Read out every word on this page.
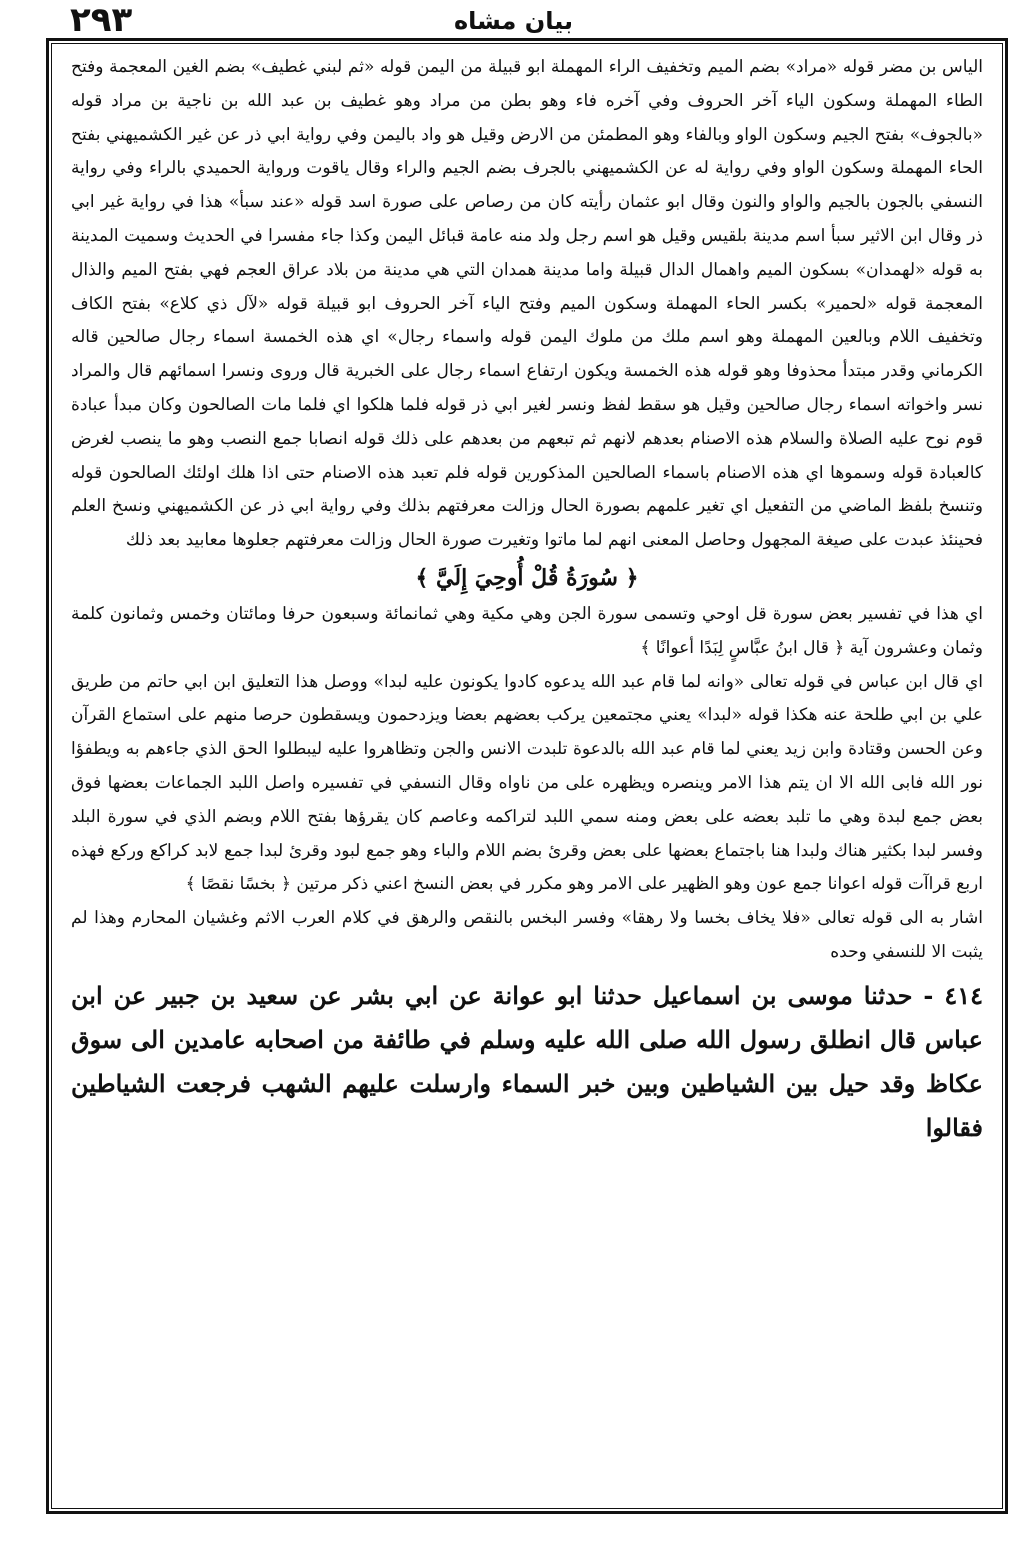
٢٩٣	بيان مشاه

الياس بن مضر قوله «مراد» بضم الميم وتخفيف الراء المهملة ابو قبيلة من اليمن قوله «ثم لبني غطيف» بضم الغين المعجمة وفتح الطاء المهملة وسكون الياء آخر الحروف وفي آخره فاء وهو بطن من مراد وهو غطيف بن عبد الله بن ناجية بن مراد قوله «بالجوف» بفتح الجيم وسكون الواو وبالفاء وهو المطمئن من الارض وقيل هو واد باليمن وفي رواية ابي ذر عن غير الكشميهني بفتح الحاء المهملة وسكون الواو وفي رواية له عن الكشميهني بالجرف بضم الجيم والراء وقال ياقوت ورواية الحميدي بالراء وفي رواية النسفي بالجون بالجيم والواو والنون وقال ابو عثمان رأيته كان من رصاص على صورة اسد قوله «عند سبأ» هذا في رواية غير ابي ذر وقال ابن الاثير سبأ اسم مدينة بلقيس وقيل هو اسم رجل ولد منه عامة قبائل اليمن وكذا جاء مفسرا في الحديث وسميت المدينة به قوله «لهمدان» بسكون الميم واهمال الدال قبيلة واما مدينة همدان التي هي مدينة من بلاد عراق العجم فهي بفتح الميم والذال المعجمة قوله «لحمير» بكسر الحاء المهملة وسكون الميم وفتح الياء آخر الحروف ابو قبيلة قوله «لآل ذي كلاع» بفتح الكاف وتخفيف اللام وبالعين المهملة وهو اسم ملك من ملوك اليمن قوله واسماء رجال» اي هذه الخمسة اسماء رجال صالحين قاله الكرماني وقدر مبتدأ محذوفا وهو قوله هذه الخمسة ويكون ارتفاع اسماء رجال على الخبرية قال وروى ونسرا اسمائهم قال والمراد نسر واخواته اسماء رجال صالحين وقيل هو سقط لفظ ونسر لغير ابي ذر قوله فلما هلكوا اي فلما مات الصالحون وكان مبدأ عبادة قوم نوح عليه الصلاة والسلام هذه الاصنام بعدهم لانهم ثم تبعهم من بعدهم على ذلك قوله انصابا جمع النصب وهو ما ينصب لغرض كالعبادة قوله وسموها اي هذه الاصنام باسماء الصالحين المذكورين قوله فلم تعبد هذه الاصنام حتى اذا هلك اولئك الصالحون قوله وتنسخ بلفظ الماضي من التفعيل اي تغير علمهم بصورة الحال وزالت معرفتهم بذلك وفي رواية ابي ذر عن الكشميهني ونسخ العلم فحينئذ عبدت على صيغة المجهول وحاصل المعنى انهم لما ماتوا وتغيرت صورة الحال وزالت معرفتهم جعلوها معابيد بعد ذلك

﴿ سُورَةُ قُلْ أُوحِيَ إِلَيَّ ﴾

اي هذا في تفسير بعض سورة قل اوحي وتسمى سورة الجن وهي مكية وهي ثمانمائة وسبعون حرفا ومائتان وخمس وثمانون كلمة وثمان وعشرون آية ﴿ قال ابنُ عبَّاسٍ لِبَدًا أعوانًا ﴾

اي قال ابن عباس في قوله تعالى «وانه لما قام عبد الله يدعوه كادوا يكونون عليه لبدا» ووصل هذا التعليق ابن ابي حاتم من طريق علي بن ابي طلحة عنه هكذا قوله «لبدا» يعني مجتمعين يركب بعضهم بعضا ويزدحمون ويسقطون حرصا منهم على استماع القرآن وعن الحسن وقتادة وابن زيد يعني لما قام عبد الله بالدعوة تلبدت الانس والجن وتظاهروا عليه ليبطلوا الحق الذي جاءهم به ويطفؤا نور الله فابى الله الا ان يتم هذا الامر وينصره ويظهره على من ناواه وقال النسفي في تفسيره واصل اللبد الجماعات بعضها فوق بعض جمع لبدة وهي ما تلبد بعضه على بعض ومنه سمي اللبد لتراكمه وعاصم كان يقرؤها بفتح اللام وبضم الذي في سورة البلد وفسر لبدا بكثير هناك ولبدا هنا باجتماع بعضها على بعض وقرئ بضم اللام والباء وهو جمع لبود وقرئ لبدا جمع لابد كراكع وركع فهذه اربع قراآت قوله اعوانا جمع عون وهو الظهير على الامر وهو مكرر في بعض النسخ اعني ذكر مرتين ﴿ بخسًا نقصًا ﴾

اشار به الى قوله تعالى «فلا يخاف بخسا ولا رهقا» وفسر البخس بالنقص والرهق في كلام العرب الاثم وغشيان المحارم وهذا لم يثبت الا للنسفي وحده

٤١٤ - حدثنا موسى بن اسماعيل حدثنا ابو عوانة عن ابي بشر عن سعيد بن جبير عن ابن عباس قال انطلق رسول الله صلى الله عليه وسلم في طائفة من اصحابه عامدين الى سوق عكاظ وقد حيل بين الشياطين وبين خبر السماء وارسلت عليهم الشهب فرجعت الشياطين فقالوا
